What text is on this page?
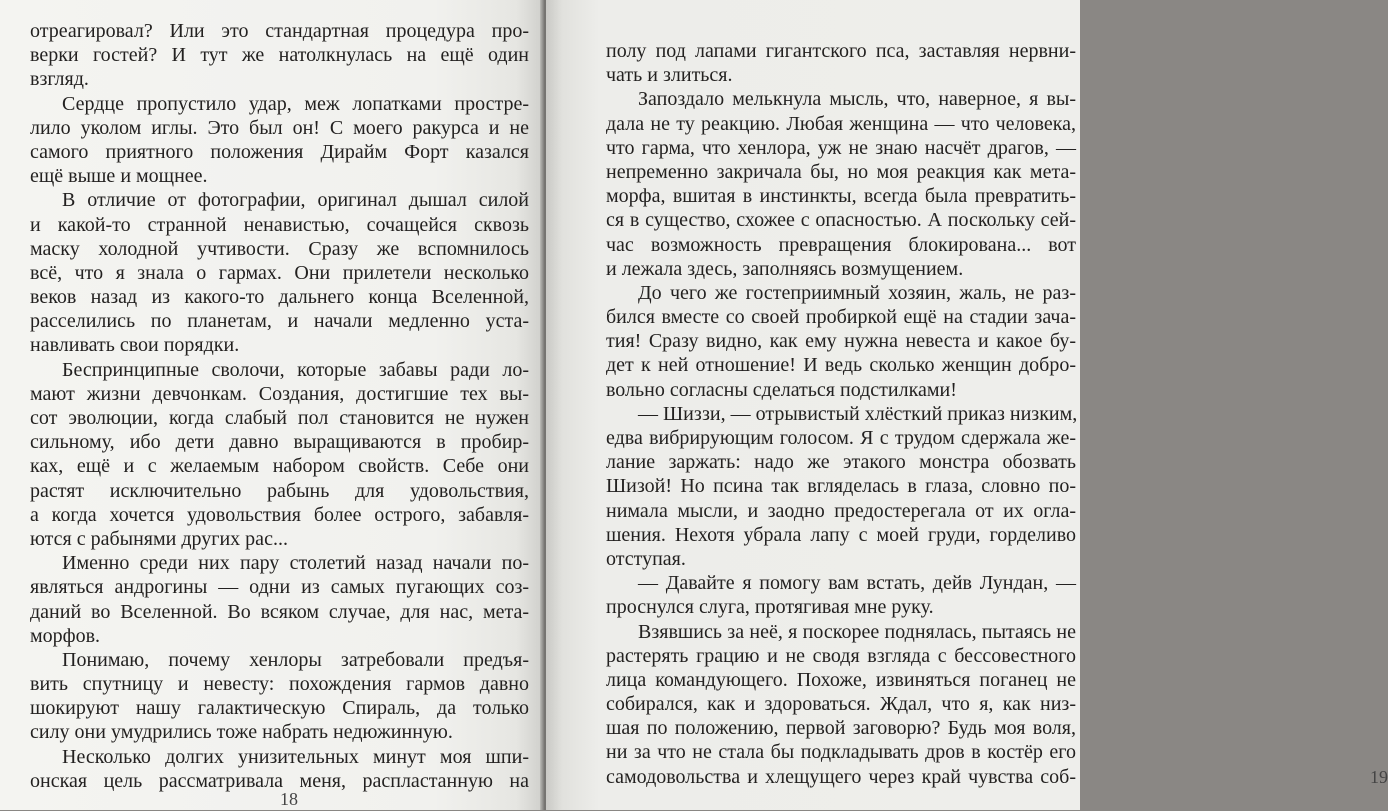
отреагировал? Или это стандартная процедура про-
верки гостей? И тут же натолкнулась на ещё один
взгляд.
Сердце пропустило удар, меж лопатками простре-
лило уколом иглы. Это был он! С моего ракурса и не
самого приятного положения Дирайм Форт казался
ещё выше и мощнее.
В отличие от фотографии, оригинал дышал силой
и какой-то странной ненавистью, сочащейся сквозь
маску холодной учтивости. Сразу же вспомнилось
всё, что я знала о гармах. Они прилетели несколько
веков назад из какого-то дальнего конца Вселенной,
расселились по планетам, и начали медленно уста-
навливать свои порядки.
Беспринципные сволочи, которые забавы ради ло-
мают жизни девчонкам. Создания, достигшие тех вы-
сот эволюции, когда слабый пол становится не нужен
сильному, ибо дети давно выращиваются в пробир-
ках, ещё и с желаемым набором свойств. Себе они
растят исключительно рабынь для удовольствия,
а когда хочется удовольствия более острого, забавля-
ются с рабынями других рас...
Именно среди них пару столетий назад начали по-
являться андрогины — одни из самых пугающих соз-
даний во Вселенной. Во всяком случае, для нас, мета-
морфов.
Понимаю, почему хенлоры затребовали предъя-
вить спутницу и невесту: похождения гармов давно
шокируют нашу галактическую Спираль, да только
силу они умудрились тоже набрать недюжинную.
Несколько долгих унизительных минут моя шпи-
онская цель рассматривала меня, распластанную на
18
полу под лапами гигантского пса, заставляя нервни-
чать и злиться.
Запоздало мелькнула мысль, что, наверное, я вы-
дала не ту реакцию. Любая женщина — что человека,
что гарма, что хенлора, уж не знаю насчёт драгов, —
непременно закричала бы, но моя реакция как мета-
морфа, вшитая в инстинкты, всегда была превратить-
ся в существо, схожее с опасностью. А поскольку сей-
час возможность превращения блокирована... вот
и лежала здесь, заполняясь возмущением.
До чего же гостеприимный хозяин, жаль, не раз-
бился вместе со своей пробиркой ещё на стадии зача-
тия! Сразу видно, как ему нужна невеста и какое бу-
дет к ней отношение! И ведь сколько женщин добро-
вольно согласны сделаться подстилками!
— Шиззи, — отрывистый хлёсткий приказ низким,
едва вибрирующим голосом. Я с трудом сдержала же-
лание заржать: надо же этакого монстра обозвать
Шизой! Но псина так вгляделась в глаза, словно по-
нимала мысли, и заодно предостерегала от их огла-
шения. Нехотя убрала лапу с моей груди, горделиво
отступая.
— Давайте я помогу вам встать, дейв Лундан, —
проснулся слуга, протягивая мне руку.
Взявшись за неё, я поскорее поднялась, пытаясь не
растерять грацию и не сводя взгляда с бессовестного
лица командующего. Похоже, извиняться поганец не
собирался, как и здороваться. Ждал, что я, как низ-
шая по положению, первой заговорю? Будь моя воля,
ни за что не стала бы подкладывать дров в костёр его
самодовольства и хлещущего через край чувства соб-	19
